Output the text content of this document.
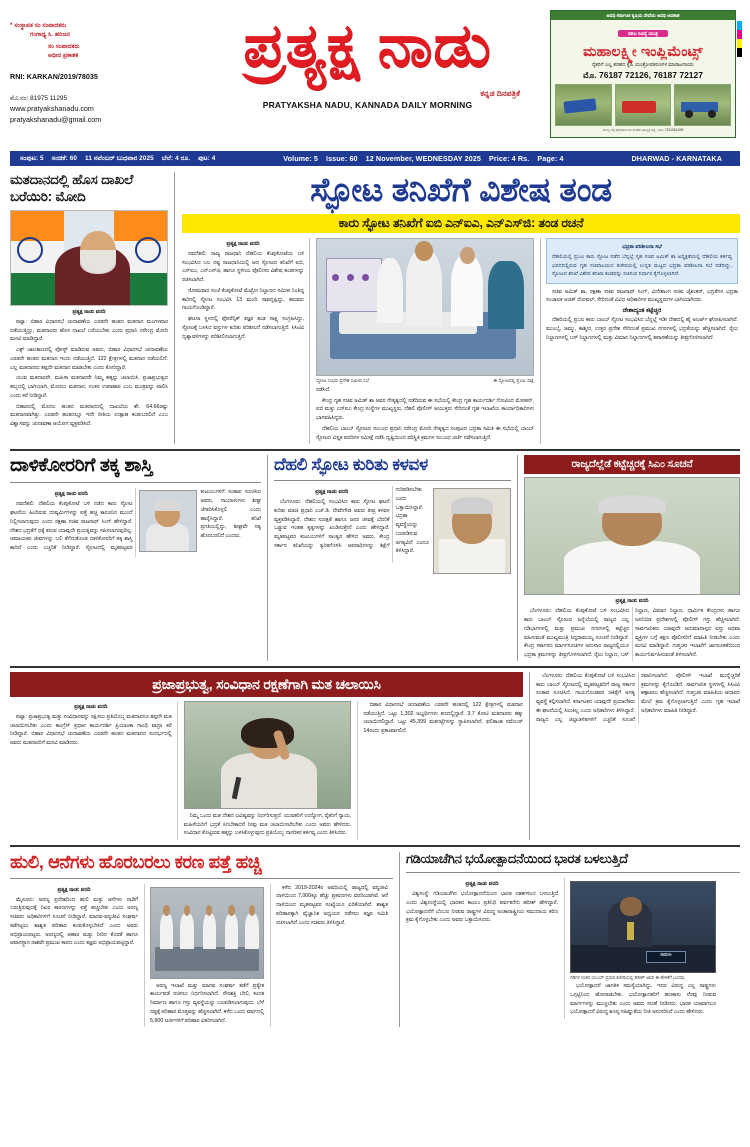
* ಸಂಸ್ಥಾಪಕ ಸಂ ಸಂಪಾದಕರು
ಗಂಗಾಧ್ಯ ಸಿ. ಹರಿಜನ
ಸಂ ಸಂಪಾದಕರು
ಅಧೀನ ಪ್ರಕಾಶಕ
RNI: KARKAN/2019/78035
ಮೊ.ನಂ: 81975 11295
www.pratyakshanadu.com
pratyakshanadu@gmail.com
ಪ್ರತ್ಯಕ್ಷ ನಾಡು
ಕನ್ನಡ ದಿನಪತ್ರಿಕೆ
PRATYAKSHA NADU, KANNADA DAILY MORNING
ಅವಧಿ ಕರ್ನಾಟಕ ಕೃಷಿಯ ಸೇವೆಯ ಅವಧಿ ಅವಕಾಶ
ಸಹಜ ರವಿದ್ಯೆ ಯಂತ್ರ
ಮಹಾಲಕ್ಷ್ಮೀ ಇಂಪ್ಲಿಮೆಂಟ್ಸ್
ರೈತರಿಗೆ ಎಲ್ಲ ತರಹದ ಕೃಷಿ ಯಂತ್ರೋಪಕರಣಗಳ ಮಾರಾಟಗಾರರು
ಮೊ. 76187 72126, 76187 72127
ಮುಖ್ಯ ರಸ್ತೆ ಧಾರವಾಡ ಬಳಿ ಸಂಪರ್ಕ ಹುಬ್ಬಳ್ಳಿ ರಸ್ತೆ - ಮೊ: 7611561498
ಸಂಪುಟ: 5 ಸಂಚಿಕೆ: 60 11 ನವೆಂಬರ್ ಬುಧವಾರ 2025 ಬೆಲೆ: 4 ರೂ. ಪುಟ: 4	Volume: 5 Issue: 60 12 November, WEDNESDAY 2025 Price: 4 Rs. Page: 4	DHARWAD - KARNATAKA
ಮತದಾನದಲ್ಲಿ ಹೊಸ ದಾಖಲೆ ಬರೆಯಿರಿ: ಮೋದಿ
ಪ್ರತ್ಯಕ್ಷ ನಾಡು ವರದಿ

ಪಟ್ನಾ: ಬಿಹಾರ ವಿಧಾನಸಭೆ ಚುನಾವಣೆಯ ಎರಡನೇ ಹಂತದ ಮತದಾನ ಮಂಗಳವಾರ ನಡೆಯುತ್ತಿದ್ದು, ಮತದಾರರು ಹೊಸ ದಾಖಲೆ ಬರೆಯಬೇಕು ಎಂದು ಪ್ರಧಾನಿ ನರೇಂದ್ರ ಮೋದಿ ಮನವಿ ಮಾಡಿದ್ದಾರೆ.

ಎಕ್ಸ್ ಜಾಲತಾಣದಲ್ಲಿ ಪೋಸ್ಟ್ ಮಾಡಿರುವ ಅವರು, ಬಿಹಾರ ವಿಧಾನಸಭೆ ಚುನಾವಣೆಯ ಎರಡನೇ ಹಂತದ ಮತದಾನ ಇಂದು ನಡೆಯುತ್ತಿದೆ. 122 ಕ್ಷೇತ್ರಗಳಲ್ಲಿ ಮತದಾನ ನಡೆಯಲಿದೆ. ಎಲ್ಲ ಮತದಾರರು ತಪ್ಪದೇ ಮತದಾನ ಮಾಡಬೇಕು ಎಂದು ಕೋರಿದ್ದಾರೆ.

ಯುವ ಮತದಾರರೇ, ಮಹಿಳಾ ಮತದಾರರೇ ನಿಮ್ಮ ಹಕ್ಕನ್ನು ಚಲಾಯಿಸಿ. ಪ್ರಜಾಪ್ರಭುತ್ವದ ಹಬ್ಬದಲ್ಲಿ ಭಾಗಿಯಾಗಿ. ಮೊದಲು ಮತದಾನ, ನಂತರ ಉಪಾಹಾರ ಎಂಬ ಮಂತ್ರವನ್ನು ಪಾಲಿಸಿ ಎಂದು ಕರೆ ನೀಡಿದ್ದಾರೆ.

ಬಿಹಾರದಲ್ಲಿ ಮೊದಲ ಹಂತದ ಮತದಾನದಲ್ಲಿ ದಾಖಲೆಯ ಶೇ. 64.66ರಷ್ಟು ಮತದಾನವಾಗಿತ್ತು. ಎರಡನೇ ಹಂತದಲ್ಲೂ ಇದೇ ರೀತಿಯ ಉತ್ಸಾಹ ಕಂಡುಬರಲಿದೆ ಎಂಬ ವಿಶ್ವಾಸವನ್ನು ಚುನಾವಣಾ ಆಯೋಗ ವ್ಯಕ್ತಪಡಿಸಿದೆ.

ಸ್ಫೋಟ ತನಿಖೆಗೆ ವಿಶೇಷ ತಂಡ
ಕಾರು ಸ್ಫೋಟ ತನಿಖೆಗೆ ಐಬಿ ಎನ್‌ಐಎ, ಎನ್‌ಎಸ್‌ಜಿ: ತಂಡ ರಚನೆ
ಪ್ರತ್ಯಕ್ಷ ನಾಡು ವರದಿ

ನವದೆಹಲಿ: ರಾಜ್ಯ ರಾಜಧಾನಿ ದೆಹಲಿಯ ಕೆಂಪುಕೋಟೆಯ ಬಳಿ ಸಂಭವಿಸಿದ ಬಲ ನಷ್ಟ ರಾಜಧಾನಿಯಲ್ಲಿ ಆದ ಸ್ಫೋಟದ ತನಿಖೆಗೆ ಐಬಿ, ಎನ್‌ಐಎ, ಎನ್‌ಎಸ್‌ಜಿ, ಹಾಗೂ ಸ್ಥಳೀಯ ಪೊಲೀಸರ ವಿಶೇಷ ತಂಡಗಳನ್ನು ರಚಿಸಲಾಗಿದೆ.

ಸೋಮವಾರ ಸಂಜೆ ಕೆಂಪುಕೋಟೆ ಮೆಟ್ರೋ ನಿಲ್ದಾಣದ ಸಮೀಪ ನಿಂತಿದ್ದ ಕಾರಿನಲ್ಲಿ ಸ್ಫೋಟ ಸಂಭವಿಸಿ 13 ಮಂದಿ ಸಾವನ್ನಪ್ಪಿದ್ದು, ಹಲವರು ಗಾಯಗೊಂಡಿದ್ದಾರೆ.

ಘಟನಾ ಸ್ಥಳದಲ್ಲಿ ಫೋರೆನ್ಸಿಕ್ ತಜ್ಞರ ತಂಡ ಸಾಕ್ಷ್ಯ ಸಂಗ್ರಹಿಸಿದ್ದು, ಸ್ಫೋಟಕ್ಕೆ ಬಳಸಿದ ವಸ್ತುಗಳ ಕುರಿತು ಪರಿಶೀಲನೆ ನಡೆಸಲಾಗುತ್ತಿದೆ. ಸಿಸಿಟಿವಿ ದೃಶ್ಯಾವಳಿಗಳನ್ನು ಪರಿಶೀಲಿಸಲಾಗುತ್ತಿದೆ.

ಸ್ಫೋಟ ಸಂಭವ ಪ್ರದೇಶ ಸಮೀಪ ಸಭೆ	ಈ ಸ್ಫೋಟದಲ್ಲಿ ಪ್ರಬಲ ಸಾಕ್ಷಿ

ನಡೆಸಿದೆ.

ಕೇಂದ್ರ ಗೃಹ ಸಚಿವ ಅಮಿತ್ ಶಾ ಅವರ ನೇತೃತ್ವದಲ್ಲಿ ನಡೆದಿರುವ ಈ ಸಭೆಯಲ್ಲಿ ಕೇಂದ್ರ ಗೃಹ ಕಾರ್ಯದರ್ಶಿ ಗೋವಿಂದ ಮೋಹನ್, ಐಬಿ ಮತ್ತು ಎನ್‌ಐಎ ಕೇಂದ್ರ ಸಂಸ್ಥೆಗಳ ಮುಖ್ಯಸ್ಥರು, ದೆಹಲಿ ಪೊಲೀಸ್ ಆಯುಕ್ತರು ಸೇರಿದಂತೆ ಗೃಹ ಇಲಾಖೆಯ ಕಾರ್ಯಾಧಿಕಾರಿಗಳು ಭಾಗವಹಿಸಿದ್ದರು.

ದೆಹಲಿಯ ಬಾಂಬ್ ಸ್ಫೋಟದ ಸಂಬಂಧ ಪ್ರಧಾನಿ ನರೇಂದ್ರ ಮೋದಿ ನೇತೃತ್ವದ ಸಂಪುಟದ ಭದ್ರತಾ ಸಮಿತಿ ಈ ಸಭೆಯಲ್ಲಿ ಬಾಂಬ್ ಸ್ಫೋಟದ ವಿಸ್ತೃತ ವರದಿಗಳ ಸಮೀಕ್ಷೆ ನಡೆಸಿ ದೃಷ್ಟಿಯಿಂದ ಪರಿಸ್ಥಿತಿ ಕ್ರಮಗಳ ಸಂಬಂಧ ಚರ್ಚೆ ನಡೆಸಲಾಗುತ್ತಿದೆ.

ಭದ್ರತಾ ಪರಿಶೀಲನಾ ಸಭೆ
ದೆಹಲಿಯಲ್ಲಿ ಪ್ರಬಲ ಕಾರು ಸ್ಫೋಟ ನಡೆದ ಬೆನ್ನಲ್ಲೆ ಗೃಹ ಸಚಿವ ಅಮಿತ್ ಶಾ ಅಧ್ಯಕ್ಷತೆಯಲ್ಲಿ ದೆಹಲಿಯ ಕರ್ತವ್ಯ ಭವನದಲ್ಲಿರುವ ಗೃಹ ಸಚಿವಾಲಯದ ಕಚೇರಿಯಲ್ಲಿ ಉನ್ನತ ಮಟ್ಟದ ಭದ್ರತಾ ಪರಿಶೀಲನಾ ಸಭೆ ನಡೆದಿದ್ದು, ಸ್ಫೋಟದ ತನಿಖೆ ವಿಶೇಷ ತನಿಖಾ ತಂಡವನ್ನು ರಚಿಸುವ ನಿರ್ಧಾರ ಕೈಗೊಳ್ಳಲಾಗಿದೆ.

ಸಚಿವ ಅಮಿತ್ ಶಾ, ರಕ್ಷಣಾ ಸಚಿವ ರಾಜನಾಥ್ ಸಿಂಗ್, ವಿದೇಶಾಂಗ ಸಚಿವ ಜೈಶಂಕರ್, ಭದ್ರತೆಗಳ ಭದ್ರತಾ ಸಂಚಾಲಕ ಅಜಿತ್ ದೋವಲ್, ಸೇರಿದಂತೆ ವಿವಿಧ ಅಧಿಕಾರಿಗಳ ಮುಖ್ಯಸ್ಥರುಗಳ ಭಾಗಿಯಾಗಿದರು.

ದೇಶಾದ್ಯಂತ ಕಟ್ಟೆಚ್ಚರ

ದೆಹರಿಯಲ್ಲಿ ಪ್ರಬಲ ಕಾರು ಬಾಂಬ್ ಸ್ಫೋಟ ಸಂಭವಿಸಿದ ಬೆನ್ನಲ್ಲೆ ಇಡೀ ದೇಶದಲ್ಲಿ ಹೈ ಅಲರ್ಟ್ ಘೋಷಿಸಲಾಗಿದೆ. ಮುಂಬೈ, ಜಮ್ಮು, ಕಾಶ್ಮೀರ, ಉತ್ತರ ಪ್ರದೇಶ ಸೇರಿದಂತೆ ಪ್ರಮುಖ ನಗರಗಳಲ್ಲಿ ಭದ್ರತೆಯನ್ನು ಹೆಚ್ಚಿಸಲಾಗಿದೆ. ರೈಲು ನಿಲ್ದಾಣಗಳಲ್ಲಿ ಬಸ್ ನಿಲ್ದಾಣಗಳಲ್ಲಿ ಮತ್ತು ವಿಮಾನ ನಿಲ್ದಾಣಗಳಲ್ಲಿ ತಪಾಸಣೆಯನ್ನು ತೀವ್ರಗೊಳಿಸಲಾಗಿದೆ.

ದಾಳಿಕೋರರಿಗೆ ತಕ್ಕ ಶಾಸ್ತಿ
ಪ್ರತ್ಯಕ್ಷ ನಾಡು ವರದಿ

ನವದೆಹಲಿ: ದೆಹಲಿಯ ಕೆಂಪುಕೋಟೆ ಬಳಿ ನಡೆದ ಕಾರು ಸ್ಫೋಟ ಘಟನೆಯ ಹಿಂದಿರುವ ದುಷ್ಕರ್ಮಿಗಳನ್ನು ಪತ್ತೆ ಹಚ್ಚಿ ಕಾನೂನಿನ ಮುಂದೆ ನಿಲ್ಲಿಸಲಾಗುವುದು ಎಂದು ರಕ್ಷಣಾ ಸಚಿವ ರಾಜನಾಥ್ ಸಿಂಗ್ ಹೇಳಿದ್ದಾರೆ. ದೇಶದ ಭದ್ರತೆಗೆ ಧಕ್ಕೆ ತರುವ ಯಾವುದೇ ಪ್ರಯತ್ನವನ್ನು ಸಹಿಸಲಾಗುವುದಿಲ್ಲ. ಅಮಾಯಕರ ಜೀವಗಳನ್ನು ಬಲಿ ತೆಗೆದುಕೊಂಡ ದಾಳಿಕೋರರಿಗೆ ತಕ್ಕ ಶಾಸ್ತಿ ಕಾದಿದೆ ಎಂದು ಎಚ್ಚರಿಕೆ ನೀಡಿದ್ದಾರೆ. ಸ್ಫೋಟದಲ್ಲಿ ಮೃತಪಟ್ಟವರ ಕುಟುಂಬಗಳಿಗೆ ಸಂತಾಪ ಸೂಚಿಸಿದ ಅವರು, ಗಾಯಾಳುಗಳು ಶೀಘ್ರ ಚೇತರಿಸಿಕೊಳ್ಳಲಿ ಎಂದು ಹಾರೈಸಿದ್ದಾರೆ. ತನಿಖೆ ಪ್ರಗತಿಯಲ್ಲಿದ್ದು, ಶೀಘ್ರವೇ ಸತ್ಯ ಹೊರಬರಲಿದೆ ಎಂದರು.

ದೆಹಲಿ ಸ್ಫೋಟ ಕುರಿತು ಕಳವಳ
ಪ್ರತ್ಯಕ್ಷ ನಾಡು ವರದಿ

ಬೆಂಗಳೂರು: ದೆಹಲಿಯಲ್ಲಿ ಸಂಭವಿಸಿದ ಕಾರು ಸ್ಫೋಟ ಘಟನೆ ಕುರಿತು ಮಾಜಿ ಪ್ರಧಾನಿ ಎಚ್.ಡಿ. ದೇವೇಗೌಡ ಅವರು ತೀವ್ರ ಕಳವಳ ವ್ಯಕ್ತಪಡಿಸಿದ್ದಾರೆ. ದೇಶದ ಸುರಕ್ಷತೆ ಹಾಗೂ ಜನರ ಜೀವಕ್ಕೆ ಬೆದರಿಕೆ ಒಡ್ಡುವ ಇಂತಹ ಕೃತ್ಯಗಳನ್ನು ಖಂಡಿಸುತ್ತೇನೆ ಎಂದು ಹೇಳಿದ್ದಾರೆ. ಮೃತಪಟ್ಟವರ ಕುಟುಂಬಗಳಿಗೆ ಸಾಂತ್ವನ ಹೇಳಿದ ಅವರು, ಕೇಂದ್ರ ಸರ್ಕಾರ ತನಿಖೆಯನ್ನು ತ್ವರಿತಗೊಳಿಸಿ ಅಪರಾಧಿಗಳನ್ನು ಶಿಕ್ಷೆಗೆ ಗುರಿಪಡಿಸಬೇಕು ಎಂದು ಒತ್ತಾಯಿಸಿದ್ದಾರೆ. ಭದ್ರತಾ ವ್ಯವಸ್ಥೆಯನ್ನು ಬಲಪಡಿಸುವ ಅಗತ್ಯವಿದೆ ಎಂದೂ ತಿಳಿಸಿದ್ದಾರೆ.

ರಾಜ್ಯದೆಲ್ಲೆಡೆ ಕಟ್ಟೆಚ್ಚರಕ್ಕೆ ಸಿಎಂ ಸೂಚನೆ
ಪ್ರತ್ಯಕ್ಷ ನಾಡು ವರದಿ

ಬೆಂಗಳೂರು: ದೆಹಲಿಯ ಕೆಂಪುಕೋಟೆ ಬಳಿ ಸಂಭವಿಸಿದ ಕಾರು ಬಾಂಬ್ ಸ್ಫೋಟದ ಹಿನ್ನೆಲೆಯಲ್ಲಿ ರಾಜ್ಯದ ಎಲ್ಲ ಗಡಿಭಾಗಗಳಲ್ಲಿ ಮತ್ತು ಪ್ರಮುಖ ನಗರಗಳಲ್ಲಿ ಕಟ್ಟೆಚ್ಚರ ವಹಿಸುವಂತೆ ಮುಖ್ಯಮಂತ್ರಿ ಸಿದ್ದರಾಮಯ್ಯ ಸೂಚನೆ ನೀಡಿದ್ದಾರೆ. ಕೇಂದ್ರ ಸರ್ಕಾರದ ಮಾರ್ಗಸೂಚಿಗಳ ಅನುಸಾರ ರಾಜ್ಯದಲ್ಲಿಯೂ ಭದ್ರತಾ ಕ್ರಮಗಳನ್ನು ತೀವ್ರಗೊಳಿಸಲಾಗಿದೆ. ರೈಲು ನಿಲ್ದಾಣ, ಬಸ್ ನಿಲ್ದಾಣ, ವಿಮಾನ ನಿಲ್ದಾಣ, ಧಾರ್ಮಿಕ ಕೇಂದ್ರಗಳು ಹಾಗೂ ಜನನಿಬಿಡ ಪ್ರದೇಶಗಳಲ್ಲಿ ಪೊಲೀಸ್ ಗಸ್ತು ಹೆಚ್ಚಿಸಲಾಗಿದೆ. ಸಾರ್ವಜನಿಕರು ಯಾವುದೇ ಅನುಮಾನಾಸ್ಪದ ವಸ್ತು ಅಥವಾ ವ್ಯಕ್ತಿಗಳ ಬಗ್ಗೆ ತಕ್ಷಣ ಪೊಲೀಸರಿಗೆ ಮಾಹಿತಿ ನೀಡಬೇಕು ಎಂದು ಮನವಿ ಮಾಡಿದ್ದಾರೆ. ಗುಪ್ತಚರ ಇಲಾಖೆಗೆ ಜಾಗರೂಕತೆಯಿಂದ ಕಾರ್ಯನಿರ್ವಹಿಸುವಂತೆ ತಿಳಿಸಲಾಗಿದೆ.

ಪ್ರಜಾಪ್ರಭುತ್ವ, ಸಂವಿಧಾನ ರಕ್ಷಣೆಗಾಗಿ ಮತ ಚಲಾಯಿಸಿ
ಪ್ರತ್ಯಕ್ಷ ನಾಡು ವರದಿ

ಪಟ್ನಾ: ಪ್ರಜಾಪ್ರಭುತ್ವ ಮತ್ತು ಸಂವಿಧಾನವನ್ನು ರಕ್ಷಿಸಲು ಪ್ರತಿಯೊಬ್ಬ ಮತದಾರನೂ ತಪ್ಪದೇ ಮತ ಚಲಾಯಿಸಬೇಕು ಎಂದು ಕಾಂಗ್ರೆಸ್ ಪ್ರಧಾನ ಕಾರ್ಯದರ್ಶಿ ಪ್ರಿಯಾಂಕಾ ಗಾಂಧಿ ವಾದ್ರಾ ಕರೆ ನೀಡಿದ್ದಾರೆ. ಬಿಹಾರ ವಿಧಾನಸಭೆ ಚುನಾವಣೆಯ ಎರಡನೇ ಹಂತದ ಮತದಾನದ ಸಂದರ್ಭದಲ್ಲಿ ಅವರು ಮತದಾರರಿಗೆ ಮನವಿ ಮಾಡಿದರು.

ನಿಮ್ಮ ಒಂದು ಮತ ದೇಶದ ಭವಿಷ್ಯವನ್ನು ನಿರ್ಧರಿಸುತ್ತದೆ. ಯುವಕರಿಗೆ ಉದ್ಯೋಗ, ರೈತರಿಗೆ ನ್ಯಾಯ, ಮಹಿಳೆಯರಿಗೆ ಭದ್ರತೆ ಸಿಗಬೇಕಾದರೆ ನೀವು ಮತ ಚಲಾಯಿಸಲೇಬೇಕು ಎಂದು ಅವರು ಹೇಳಿದರು. ಸಂವಿಧಾನ ಕೊಟ್ಟಿರುವ ಹಕ್ಕನ್ನು ಬಳಸಿಕೊಳ್ಳುವುದು ಪ್ರತಿಯೊಬ್ಬ ನಾಗರಿಕನ ಕರ್ತವ್ಯ ಎಂದು ತಿಳಿಸಿದರು.

ಬಿಹಾರ ವಿಧಾನಸಭೆ ಚುನಾವಣೆಯ ಎರಡನೇ ಹಂತದಲ್ಲಿ 122 ಕ್ಷೇತ್ರಗಳಲ್ಲಿ ಮತದಾನ ನಡೆಯುತ್ತಿದೆ. ಒಟ್ಟು 1,302 ಅಭ್ಯರ್ಥಿಗಳು ಕಣದಲ್ಲಿದ್ದಾರೆ. 3.7 ಕೋಟಿ ಮತದಾರರು ಹಕ್ಕು ಚಲಾಯಿಸಲಿದ್ದಾರೆ. ಒಟ್ಟು 45,399 ಮತಗಟ್ಟೆಗಳನ್ನು ಸ್ಥಾಪಿಸಲಾಗಿದೆ. ಫಲಿತಾಂಶ ನವೆಂಬರ್ 14ರಂದು ಪ್ರಕಟವಾಗಲಿದೆ.

ಬೆಂಗಳೂರು: ದೆಹಲಿಯ ಕೆಂಪುಕೋಟೆ ಬಳಿ ಸಂಭವಿಸಿದ ಕಾರು ಬಾಂಬ್ ಸ್ಫೋಟದಲ್ಲಿ ಮೃತಪಟ್ಟವರಿಗೆ ರಾಜ್ಯ ಸರ್ಕಾರ ಸಂತಾಪ ಸೂಚಿಸಿದೆ. ಗಾಯಗೊಂಡವರ ಚಿಕಿತ್ಸೆಗೆ ಅಗತ್ಯ ವ್ಯವಸ್ಥೆ ಕಲ್ಪಿಸಲಾಗಿದೆ. ಕರ್ನಾಟಕದ ಯಾವುದೇ ಪ್ರಯಾಣಿಕರು ಈ ಘಟನೆಯಲ್ಲಿ ಸಿಲುಕಿಲ್ಲ ಎಂದು ಅಧಿಕಾರಿಗಳು ತಿಳಿಸಿದ್ದಾರೆ. ರಾಜ್ಯದ ಎಲ್ಲ ಜಿಲ್ಲಾಡಳಿತಗಳಿಗೆ ಎಚ್ಚರಿಕೆ ಸೂಚನೆ ರವಾನಿಸಲಾಗಿದೆ. ಪೊಲೀಸ್ ಇಲಾಖೆ ಮುನ್ನೆಚ್ಚರಿಕೆ ಕ್ರಮಗಳನ್ನು ಕೈಗೊಂಡಿದೆ. ಸಾರ್ವಜನಿಕ ಸ್ಥಳಗಳಲ್ಲಿ ಸಿಸಿಟಿವಿ ಕಣ್ಗಾವಲು ಹೆಚ್ಚಿಸಲಾಗಿದೆ. ಗುಪ್ತಚರ ಮಾಹಿತಿಯ ಆಧಾರದ ಮೇಲೆ ಕ್ರಮ ಕೈಗೊಳ್ಳಲಾಗುತ್ತಿದೆ ಎಂದು ಗೃಹ ಇಲಾಖೆ ಅಧಿಕಾರಿಗಳು ಮಾಹಿತಿ ನೀಡಿದ್ದಾರೆ.

ಹುಲಿ, ಆನೆಗಳು ಹೊರಬರಲು ಕರಣ ಪತ್ತೆ ಹಚ್ಚಿ
ಪ್ರತ್ಯಕ್ಷ ನಾಡು ವರದಿ

ಮೈಸೂರು: ಅರಣ್ಯ ಪ್ರದೇಶದಿಂದ ಹುಲಿ ಮತ್ತು ಆನೆಗಳು ನಾಡಿಗೆ ಬರುತ್ತಿರುವುದಕ್ಕೆ ನಿಖರ ಕಾರಣಗಳನ್ನು ಪತ್ತೆ ಹಚ್ಚಬೇಕು ಎಂದು ಅರಣ್ಯ ಸಚಿವರು ಅಧಿಕಾರಿಗಳಿಗೆ ಸೂಚನೆ ನೀಡಿದ್ದಾರೆ. ಮಾನವ-ವನ್ಯಜೀವಿ ಸಂಘರ್ಷ ತಡೆಗಟ್ಟಲು ಶಾಶ್ವತ ಪರಿಹಾರ ಕಂಡುಕೊಳ್ಳಬೇಕಿದೆ ಎಂದು ಅವರು ಅಭಿಪ್ರಾಯಪಟ್ಟರು. ಅರಣ್ಯದಲ್ಲಿ ಆಹಾರ ಮತ್ತು ನೀರಿನ ಕೊರತೆ ಹಾಗೂ ಆವಾಸಸ್ಥಾನ ನಾಶವೇ ಪ್ರಮುಖ ಕಾರಣ ಎಂದು ತಜ್ಞರು ಅಭಿಪ್ರಾಯಪಟ್ಟಿದ್ದಾರೆ.

ಅರಣ್ಯ ಇಲಾಖೆ ಮತ್ತು ಮಾನವ ಸಂಘರ್ಷ ತಡೆಗೆ ಪ್ರತ್ಯೇಕ ಕಾರ್ಯಪಡೆ ರಚಿಸಲು ನಿರ್ಧರಿಸಲಾಗಿದೆ. ಸೌರಶಕ್ತಿ ಬೇಲಿ, ಕಂದಕ ನಿರ್ಮಾಣ ಹಾಗೂ ಗಸ್ತು ವ್ಯವಸ್ಥೆಯನ್ನು ಬಲಪಡಿಸಲಾಗುವುದು. ಬೆಳೆ ನಷ್ಟಕ್ಕೆ ಪರಿಹಾರ ಮೊತ್ತವನ್ನು ಹೆಚ್ಚಿಸಲಾಗಿದೆ. ಕಳೆದ ಒಂದು ವರ್ಷದಲ್ಲಿ 5,900 ಅರ್ಜಿಗಳಿಗೆ ಪರಿಹಾರ ವಿತರಿಸಲಾಗಿದೆ.

ಕಳೆದ 2019-2024ರ ಅವಧಿಯಲ್ಲಿ ರಾಜ್ಯದಲ್ಲಿ ವನ್ಯಜೀವಿ ದಾಳಿಯಿಂದ 7,000ಕ್ಕೂ ಹೆಚ್ಚು ಪ್ರಕರಣಗಳು ವರದಿಯಾಗಿವೆ. ಆನೆ ದಾಳಿಯಿಂದ ಮೃತಪಟ್ಟವರ ಸಂಖ್ಯೆಯೂ ಏರಿಕೆಯಾಗಿದೆ. ಶಾಶ್ವತ ಪರಿಹಾರಕ್ಕಾಗಿ ವೈಜ್ಞಾನಿಕ ಅಧ್ಯಯನ ನಡೆಸಲು ತಜ್ಞರ ಸಮಿತಿ ರಚಿಸಲಾಗಿದೆ ಎಂದು ಸಚಿವರು ತಿಳಿಸಿದ್ದಾರೆ.

ಗಡಿಯಾಚೆಗಿನ ಭಯೋತ್ಪಾದನೆಯಿಂದ ಭಾರತ ಬಳಲುತ್ತಿದೆ
ಪ್ರತ್ಯಕ್ಷ ನಾಡು ವರದಿ

ವಿಶ್ವಸಂಸ್ಥೆ: ಗಡಿಯಾಚೆಗಿನ ಭಯೋತ್ಪಾದನೆಯಿಂದ ಭಾರತ ದಶಕಗಳಿಂದ ಬಳಲುತ್ತಿದೆ ಎಂದು ವಿಶ್ವಸಂಸ್ಥೆಯಲ್ಲಿ ಭಾರತದ ಕಾಯಂ ಪ್ರತಿನಿಧಿ ಪರ್ವತನೇನಿ ಹರೀಶ್ ಹೇಳಿದ್ದಾರೆ. ಭಯೋತ್ಪಾದನೆಗೆ ಬೆಂಬಲ ನೀಡುವ ರಾಷ್ಟ್ರಗಳ ವಿರುದ್ಧ ಅಂತಾರಾಷ್ಟ್ರೀಯ ಸಮುದಾಯ ಕಠಿಣ ಕ್ರಮ ಕೈಗೊಳ್ಳಬೇಕು ಎಂದು ಅವರು ಒತ್ತಾಯಿಸಿದರು.

INDIA
ಗಡಿಗಳ ನಂತರ ಯುಎನ್ ಪ್ರಧಾನ ಕಚೇರಿಯಲ್ಲಿ ಹರೀಶ್ ಅವರ ಈ ಹೇಳಿಕೆಗೆ ಬಂದವು.

ಭಯೋತ್ಪಾದನೆ ಜಾಗತಿಕ ಸಮಸ್ಯೆಯಾಗಿದ್ದು, ಇದರ ವಿರುದ್ಧ ಎಲ್ಲ ರಾಷ್ಟ್ರಗಳು ಒಗ್ಗಟ್ಟಿನಿಂದ ಹೋರಾಡಬೇಕು. ಭಯೋತ್ಪಾದಕರಿಗೆ ಹಣಕಾಸು ನೆರವು ನೀಡುವ ಮಾರ್ಗಗಳನ್ನು ಮುಚ್ಚಬೇಕು ಎಂದು ಅವರು ಸಲಹೆ ನೀಡಿದರು. ಭಾರತ ಯಾವಾಗಲೂ ಭಯೋತ್ಪಾದನೆ ವಿರುದ್ಧ ಶೂನ್ಯ ಸಹಿಷ್ಣುತೆಯ ನೀತಿ ಅನುಸರಿಸಿದೆ ಎಂದು ಹೇಳಿದರು.
